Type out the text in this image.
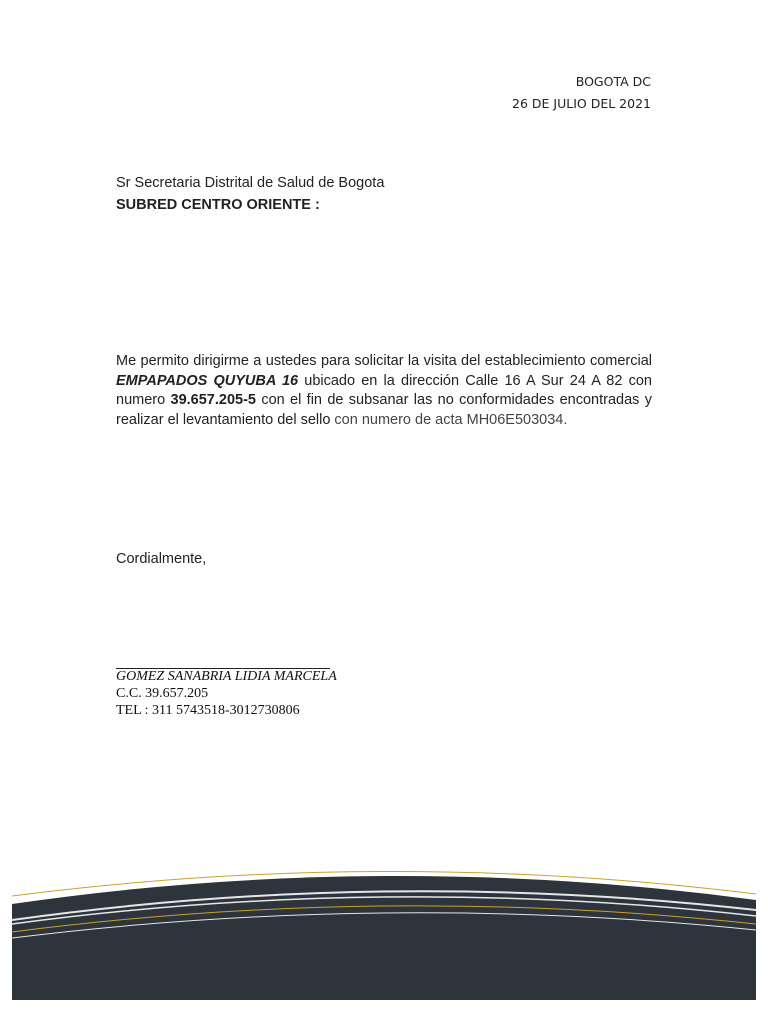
BOGOTA DC
26 DE JULIO DEL 2021
Sr Secretaria Distrital de Salud de Bogota
SUBRED CENTRO ORIENTE :
Me permito dirigirme a ustedes para solicitar la visita del establecimiento comercial EMPAPADOS QUYUBA 16 ubicado en la dirección Calle 16 A Sur 24 A 82 con numero 39.657.205-5 con el fin de subsanar las no conformidades encontradas y realizar el levantamiento del sello con numero de acta MH06E503034.
Cordialmente,
GOMEZ SANABRIA LIDIA MARCELA
C.C. 39.657.205
TEL : 311 5743518-3012730806
